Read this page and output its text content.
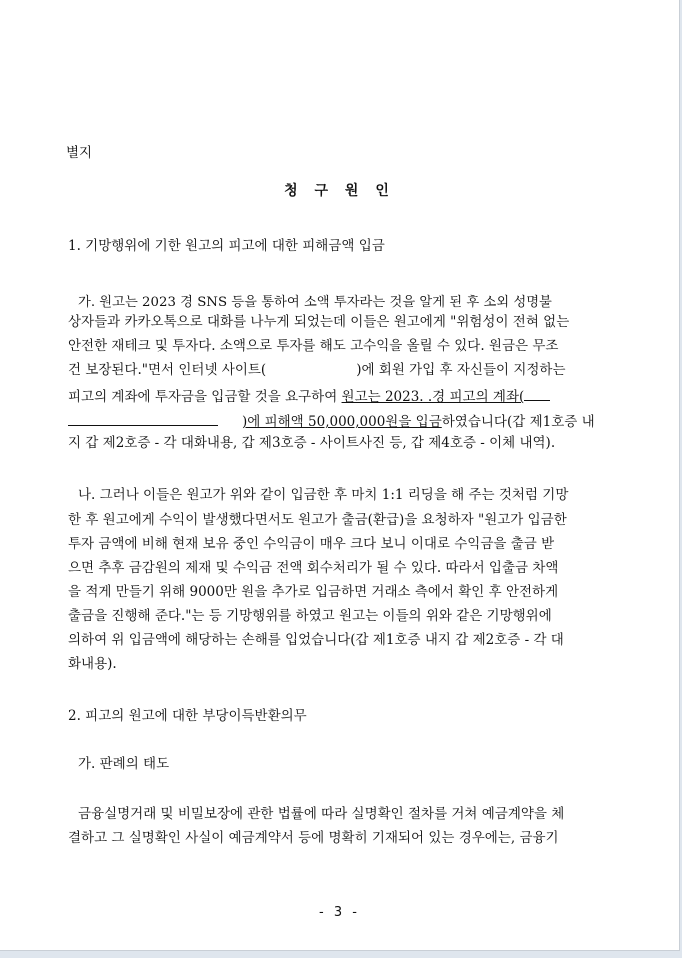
별지
청 구 원 인
1. 기망행위에 기한 원고의 피고에 대한 피해금액 입금
가. 원고는 2023 경 SNS 등을 통하여 소액 투자라는 것을 알게 된 후 소외 성명불
상자들과 카카오톡으로 대화를 나누게 되었는데 이들은 원고에게 "위험성이 전혀 없는
안전한 재테크 및 투자다. 소액으로 투자를 해도 고수익을 올릴 수 있다. 원금은 무조
건 보장된다."면서 인터넷 사이트(	)에 회원 가입 후 자신들이 지정하는
피고의 계좌에 투자금을 입금할 것을 요구하여 원고는 2023. .경 피고의 계좌(
)에 피해액 50,000,000원을 입금하였습니다(갑 제1호증 내
지 갑 제2호증 - 각 대화내용, 갑 제3호증 - 사이트사진 등, 갑 제4호증 - 이체 내역).
나. 그러나 이들은 원고가 위와 같이 입금한 후 마치 1:1 리딩을 해 주는 것처럼 기망
한 후 원고에게 수익이 발생했다면서도 원고가 출금(환급)을 요청하자 "원고가 입금한
투자 금액에 비해 현재 보유 중인 수익금이 매우 크다 보니 이대로 수익금을 출금 받
으면 추후 금감원의 제재 및 수익금 전액 회수처리가 될 수 있다. 따라서 입출금 차액
을 적게 만들기 위해 9000만 원을 추가로 입금하면 거래소 측에서 확인 후 안전하게
출금을 진행해 준다."는 등 기망행위를 하였고 원고는 이들의 위와 같은 기망행위에
의하여 위 입금액에 해당하는 손해를 입었습니다(갑 제1호증 내지 갑 제2호증 - 각 대
화내용).
2. 피고의 원고에 대한 부당이득반환의무
가. 판례의 태도
금융실명거래 및 비밀보장에 관한 법률에 따라 실명확인 절차를 거쳐 예금계약을 체
결하고 그 실명확인 사실이 예금계약서 등에 명확히 기재되어 있는 경우에는, 금융기
- 3 -
